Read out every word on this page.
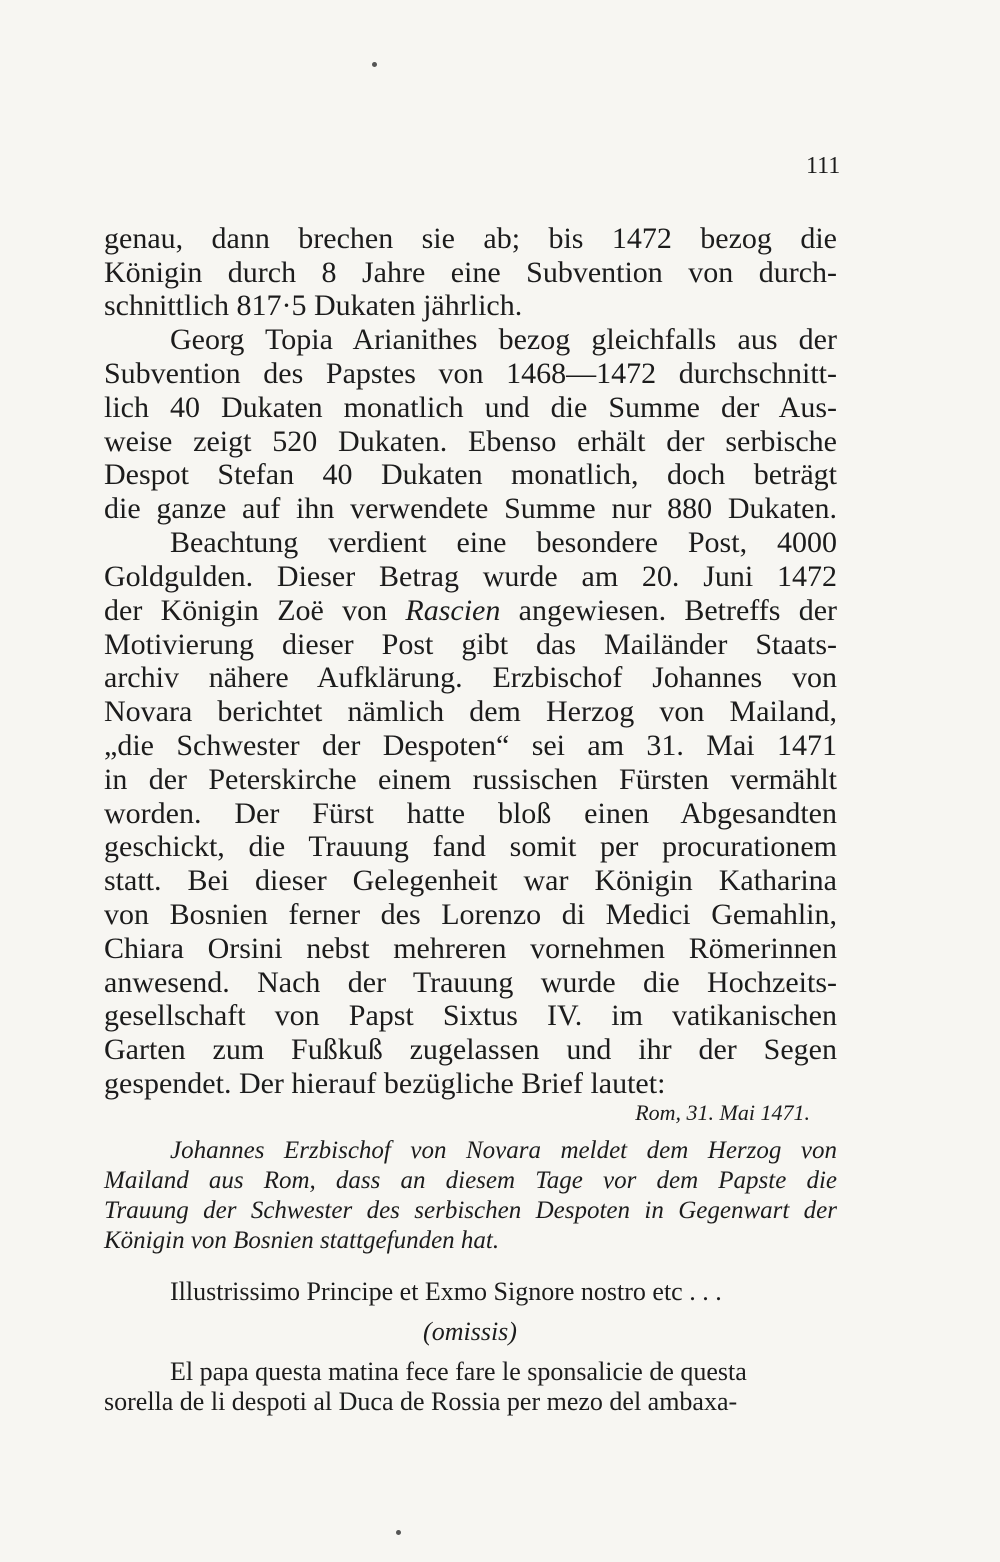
111

genau, dann brechen sie ab; bis 1472 bezog die

Königin durch 8 Jahre eine Subvention von durch-

schnittlich 817·5 Dukaten jährlich.

Georg Topia Arianithes bezog gleichfalls aus der

Subvention des Papstes von 1468—1472 durchschnitt-

lich 40 Dukaten monatlich und die Summe der Aus-

weise zeigt 520 Dukaten. Ebenso erhält der serbische

Despot Stefan 40 Dukaten monatlich, doch beträgt

die ganze auf ihn verwendete Summe nur 880 Dukaten.

Beachtung verdient eine besondere Post, 4000

Goldgulden. Dieser Betrag wurde am 20. Juni 1472

der Königin Zoë von Rascien angewiesen. Betreffs der

Motivierung dieser Post gibt das Mailänder Staats-

archiv nähere Aufklärung. Erzbischof Johannes von

Novara berichtet nämlich dem Herzog von Mailand,

„die Schwester der Despoten“ sei am 31. Mai 1471

in der Peterskirche einem russischen Fürsten vermählt

worden. Der Fürst hatte bloß einen Abgesandten

geschickt, die Trauung fand somit per procurationem

statt. Bei dieser Gelegenheit war Königin Katharina

von Bosnien ferner des Lorenzo di Medici Gemahlin,

Chiara Orsini nebst mehreren vornehmen Römerinnen

anwesend. Nach der Trauung wurde die Hochzeits-

gesellschaft von Papst Sixtus IV. im vatikanischen

Garten zum Fußkuß zugelassen und ihr der Segen

gespendet. Der hierauf bezügliche Brief lautet:

Rom, 31. Mai 1471.

Johannes Erzbischof von Novara meldet dem Herzog von

Mailand aus Rom, dass an diesem Tage vor dem Papste die

Trauung der Schwester des serbischen Despoten in Gegenwart der

Königin von Bosnien stattgefunden hat.

Illustrissimo Principe et Exmo Signore nostro etc . . .

(omissis)

El papa questa matina fece fare le sponsalicie de questa

sorella de li despoti al Duca de Rossia per mezo del ambaxa-
